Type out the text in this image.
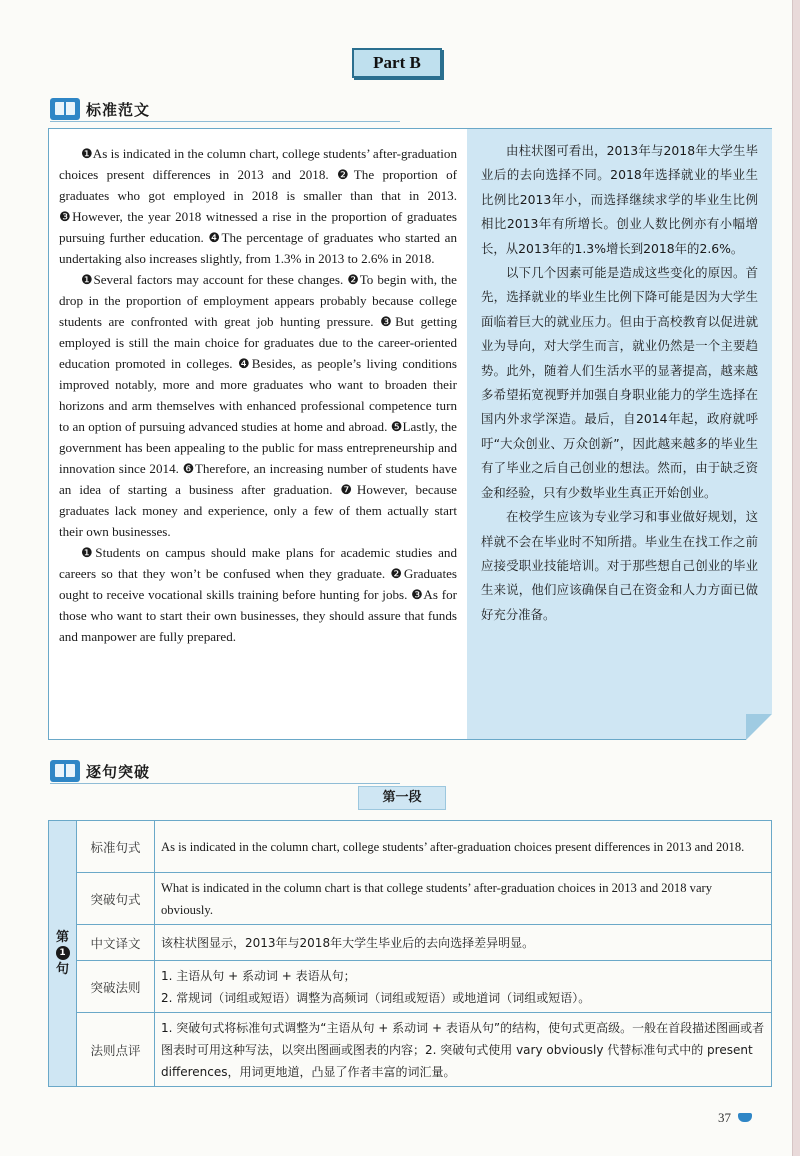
Part B
标准范文

❶As is indicated in the column chart, college students’ after-graduation choices present differences in 2013 and 2018. ❷The proportion of graduates who got employed in 2018 is smaller than that in 2013. ❸However, the year 2018 witnessed a rise in the proportion of graduates pursuing further education. ❹The percentage of graduates who started an undertaking also increases slightly, from 1.3% in 2013 to 2.6% in 2018.

❶Several factors may account for these changes. ❷To begin with, the drop in the proportion of employment appears probably because college students are confronted with great job hunting pressure. ❸But getting employed is still the main choice for graduates due to the career-oriented education promoted in colleges. ❹Besides, as people’s living conditions improved notably, more and more graduates who want to broaden their horizons and arm themselves with enhanced professional competence turn to an option of pursuing advanced studies at home and abroad. ❺Lastly, the government has been appealing to the public for mass entrepreneurship and innovation since 2014. ❻Therefore, an increasing number of students have an idea of starting a business after graduation. ❼However, because graduates lack money and experience, only a few of them actually start their own businesses.

❶Students on campus should make plans for academic studies and careers so that they won’t be confused when they graduate. ❷Graduates ought to receive vocational skills training before hunting for jobs. ❸As for those who want to start their own businesses, they should assure that funds and manpower are fully prepared.

由柱状图可看出，2013年与2018年大学生毕业后的去向选择不同。2018年选择就业的毕业生比例比2013年小，而选择继续求学的毕业生比例相比2013年有所增长。创业人数比例亦有小幅增长，从2013年的1.3%增长到2018年的2.6%。

以下几个因素可能是造成这些变化的原因。首先，选择就业的毕业生比例下降可能是因为大学生面临着巨大的就业压力。但由于高校教育以促进就业为导向，对大学生而言，就业仍然是一个主要趋势。此外，随着人们生活水平的显著提高，越来越多希望拓宽视野并加强自身职业能力的学生选择在国内外求学深造。最后，自2014年起，政府就呼吁“大众创业、万众创新”，因此越来越多的毕业生有了毕业之后自己创业的想法。然而，由于缺乏资金和经验，只有少数毕业生真正开始创业。

在校学生应该为专业学习和事业做好规划，这样就不会在毕业时不知所措。毕业生在找工作之前应接受职业技能培训。对于那些想自己创业的毕业生来说，他们应该确保自己在资金和人力方面已做好充分准备。

逐句突破
第一段
第
1
句	标准句式	As is indicated in the column chart, college students’ after-graduation choices present differences in 2013 and 2018.
	突破句式	What is indicated in the column chart is that college students’ after-graduation choices in 2013 and 2018 vary obviously.
	中文译文	该柱状图显示，2013年与2018年大学生毕业后的去向选择差异明显。
	突破法则	1. 主语从句 + 系动词 + 表语从句；
2. 常规词（词组或短语）调整为高频词（词组或短语）或地道词（词组或短语）。

	法则点评	1. 突破句式将标准句式调整为“主语从句 + 系动词 + 表语从句”的结构，使句式更高级。一般在首段描述图画或者图表时可用这种写法，以突出图画或图表的内容；2. 突破句式使用 vary obviously 代替标准句式中的 present differences，用词更地道，凸显了作者丰富的词汇量。
37
